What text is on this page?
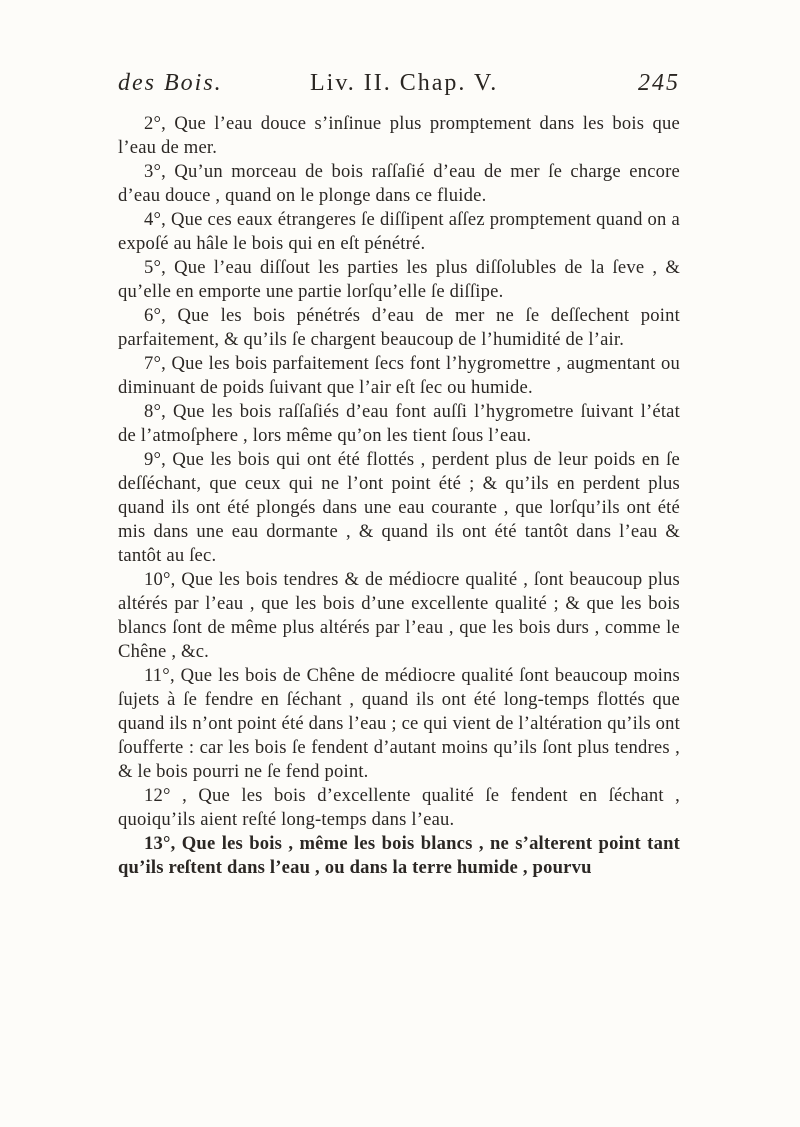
des Bois.	Liv. II. Chap. V.	245

2°, Que l’eau douce s’inſinue plus promptement dans les bois que l’eau de mer.

3°, Qu’un morceau de bois raſſaſié d’eau de mer ſe charge encore d’eau douce , quand on le plonge dans ce fluide.

4°, Que ces eaux étrangeres ſe diſſipent aſſez promptement quand on a expoſé au hâle le bois qui en eſt pénétré.

5°, Que l’eau diſſout les parties les plus diſſolubles de la ſeve , & qu’elle en emporte une partie lorſqu’elle ſe diſſipe.

6°, Que les bois pénétrés d’eau de mer ne ſe deſſechent point parfaitement, & qu’ils ſe chargent beaucoup de l’humidité de l’air.

7°, Que les bois parfaitement ſecs font l’hygromettre , augmentant ou diminuant de poids ſuivant que l’air eſt ſec ou humide.

8°, Que les bois raſſaſiés d’eau font auſſi l’hygrometre ſuivant l’état de l’atmoſphere , lors même qu’on les tient ſous l’eau.

9°, Que les bois qui ont été flottés , perdent plus de leur poids en ſe deſſéchant, que ceux qui ne l’ont point été ; & qu’ils en perdent plus quand ils ont été plongés dans une eau courante , que lorſqu’ils ont été mis dans une eau dormante , & quand ils ont été tantôt dans l’eau & tantôt au ſec.

10°, Que les bois tendres & de médiocre qualité , ſont beaucoup plus altérés par l’eau , que les bois d’une excellente qualité ; & que les bois blancs ſont de même plus altérés par l’eau , que les bois durs , comme le Chêne , &c.

11°, Que les bois de Chêne de médiocre qualité ſont beaucoup moins ſujets à ſe fendre en ſéchant , quand ils ont été long-temps flottés que quand ils n’ont point été dans l’eau ; ce qui vient de l’altération qu’ils ont ſoufferte : car les bois ſe fendent d’autant moins qu’ils ſont plus tendres , & le bois pourri ne ſe fend point.

12° , Que les bois d’excellente qualité ſe fendent en ſéchant , quoiqu’ils aient reſté long-temps dans l’eau.

13°, Que les bois , même les bois blancs , ne s’alterent point tant qu’ils reſtent dans l’eau , ou dans la terre humide , pourvu
